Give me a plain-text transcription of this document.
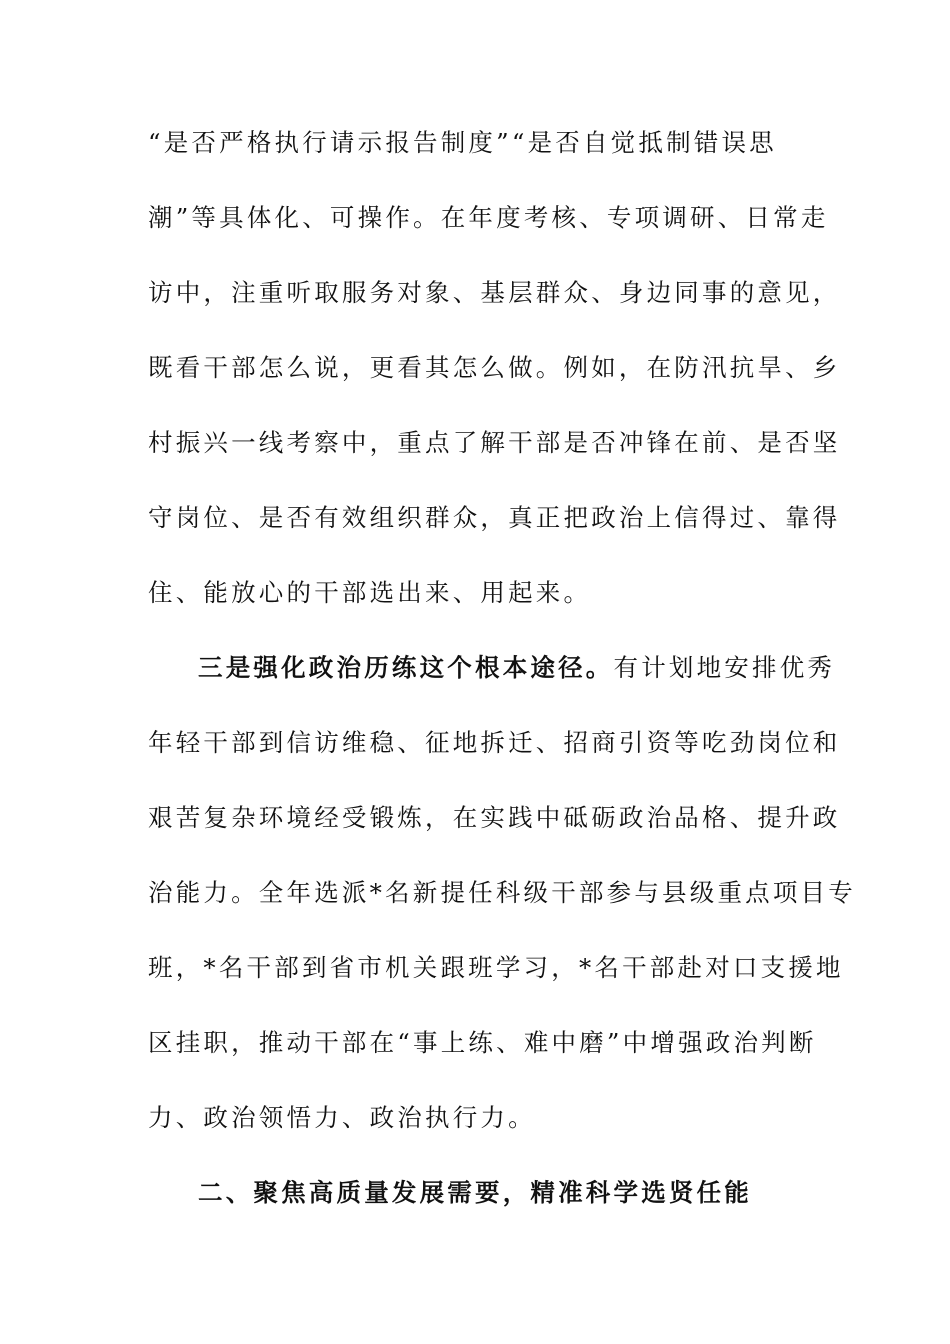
“是否严格执行请示报告制度”“是否自觉抵制错误思
潮”等具体化、可操作。在年度考核、专项调研、日常走
访中，注重听取服务对象、基层群众、身边同事的意见，
既看干部怎么说，更看其怎么做。例如，在防汛抗旱、乡
村振兴一线考察中，重点了解干部是否冲锋在前、是否坚
守岗位、是否有效组织群众，真正把政治上信得过、靠得
住、能放心的干部选出来、用起来。
三是强化政治历练这个根本途径。有计划地安排优秀
年轻干部到信访维稳、征地拆迁、招商引资等吃劲岗位和
艰苦复杂环境经受锻炼，在实践中砥砺政治品格、提升政
治能力。全年选派*名新提任科级干部参与县级重点项目专
班，*名干部到省市机关跟班学习，*名干部赴对口支援地
区挂职，推动干部在“事上练、难中磨”中增强政治判断
力、政治领悟力、政治执行力。
二、聚焦高质量发展需要，精准科学选贤任能
